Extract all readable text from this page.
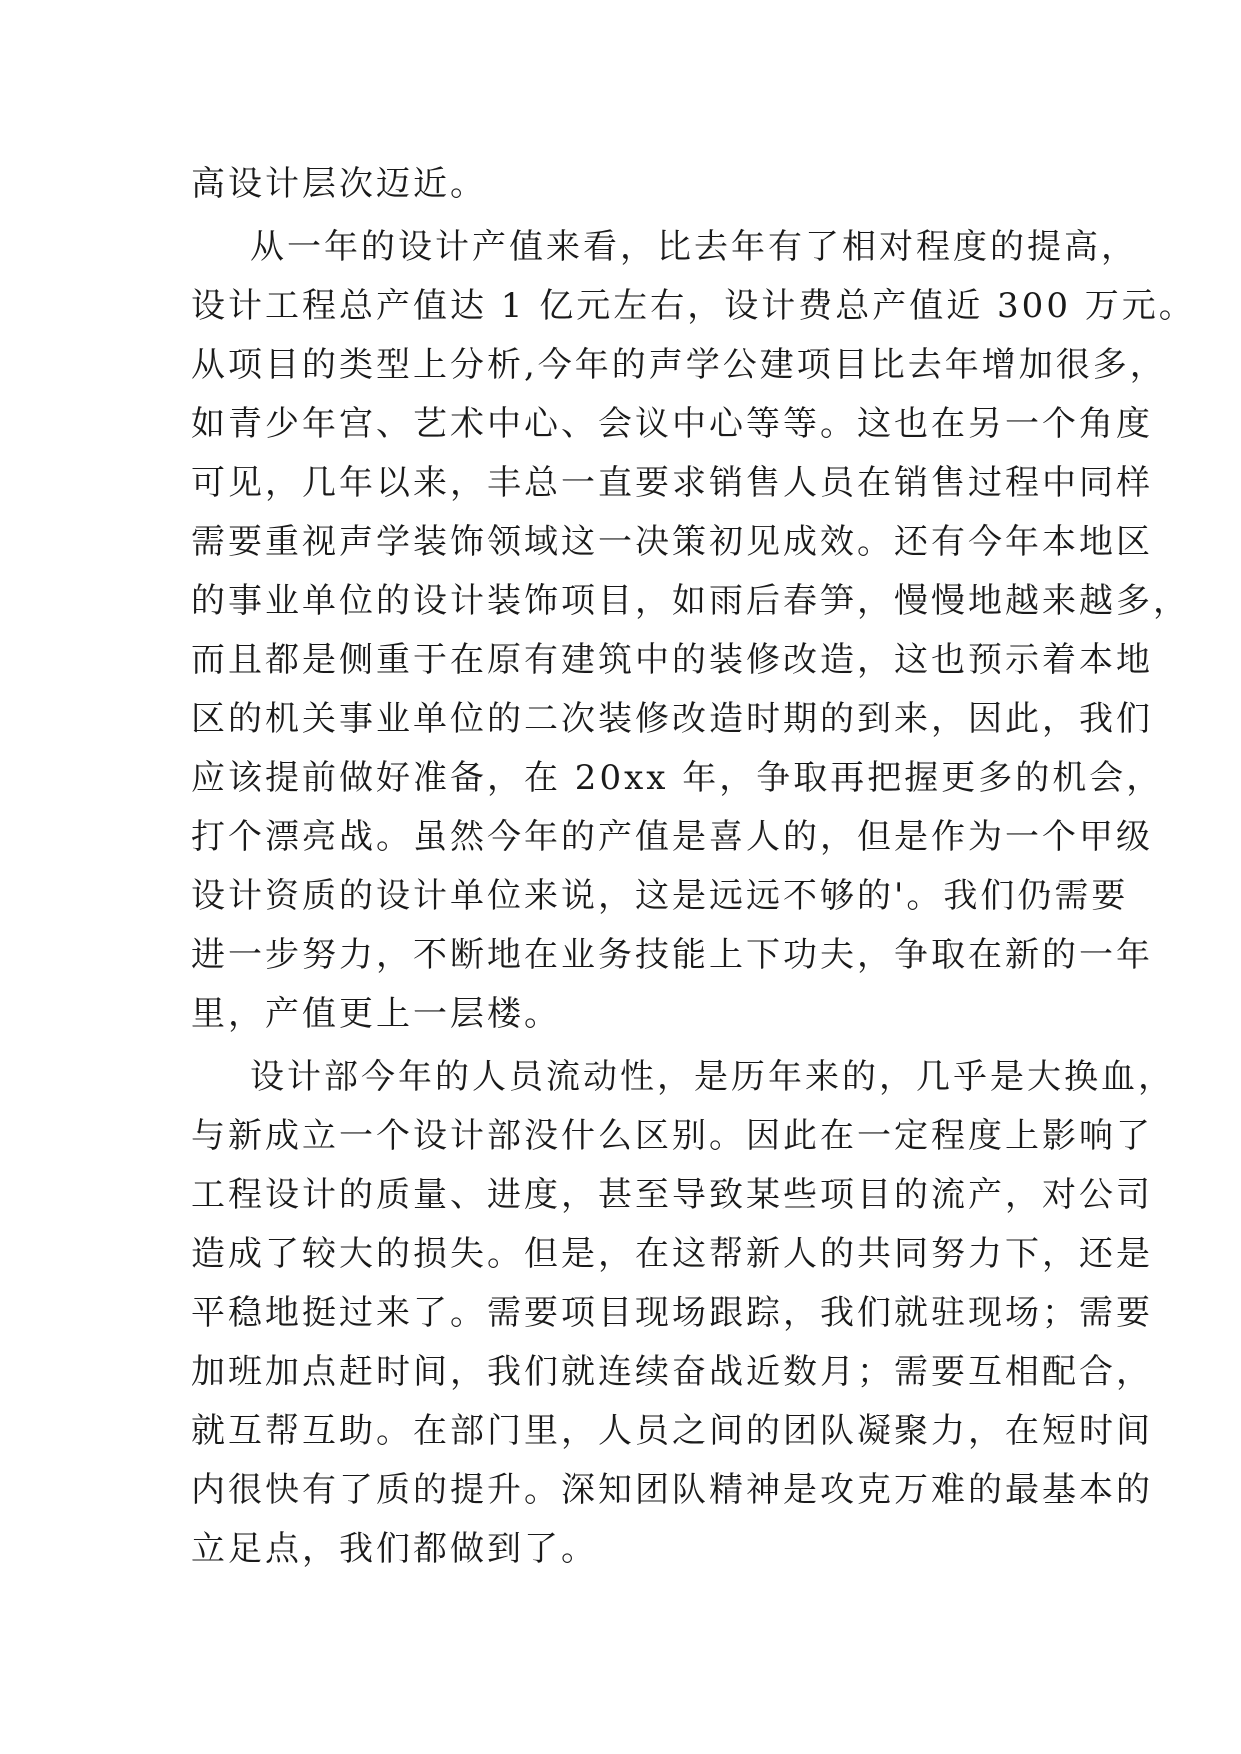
高设计层次迈近。
从一年的设计产值来看，比去年有了相对程度的提高，
设计工程总产值达 1 亿元左右，设计费总产值近 300 万元。
从项目的类型上分析,今年的声学公建项目比去年增加很多，
如青少年宫、艺术中心、会议中心等等。这也在另一个角度
可见，几年以来，丰总一直要求销售人员在销售过程中同样
需要重视声学装饰领域这一决策初见成效。还有今年本地区
的事业单位的设计装饰项目，如雨后春笋，慢慢地越来越多，
而且都是侧重于在原有建筑中的装修改造，这也预示着本地
区的机关事业单位的二次装修改造时期的到来，因此，我们
应该提前做好准备，在 20xx 年，争取再把握更多的机会，
打个漂亮战。虽然今年的产值是喜人的，但是作为一个甲级
设计资质的设计单位来说，这是远远不够的'。我们仍需要
进一步努力，不断地在业务技能上下功夫，争取在新的一年
里，产值更上一层楼。
设计部今年的人员流动性，是历年来的，几乎是大换血，
与新成立一个设计部没什么区别。因此在一定程度上影响了
工程设计的质量、进度，甚至导致某些项目的流产，对公司
造成了较大的损失。但是，在这帮新人的共同努力下，还是
平稳地挺过来了。需要项目现场跟踪，我们就驻现场；需要
加班加点赶时间，我们就连续奋战近数月；需要互相配合，
就互帮互助。在部门里，人员之间的团队凝聚力，在短时间
内很快有了质的提升。深知团队精神是攻克万难的最基本的
立足点，我们都做到了。
